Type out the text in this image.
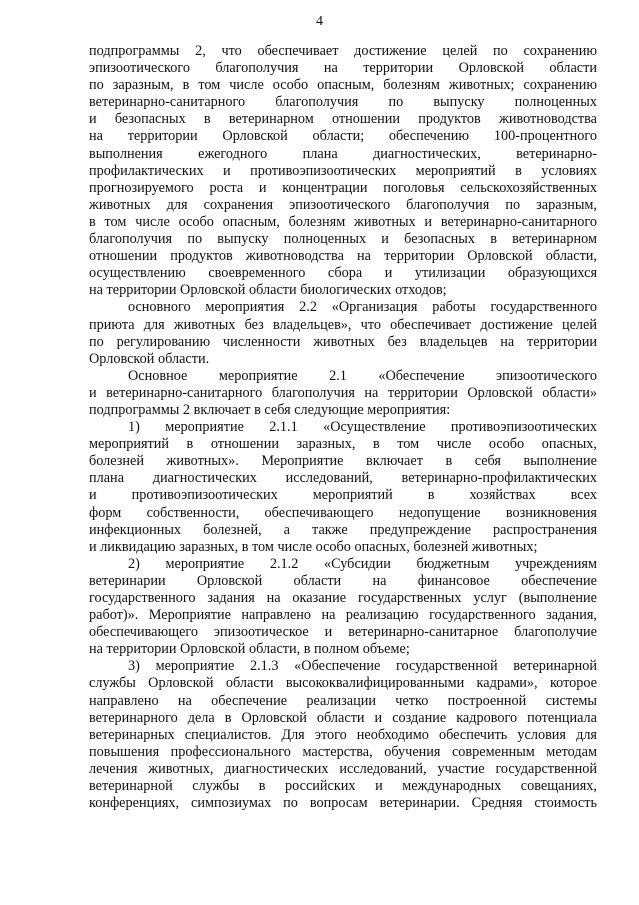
4
подпрограммы 2, что обеспечивает достижение целей по сохранению
эпизоотического благополучия на территории Орловской области
по заразным, в том числе особо опасным, болезням животных; сохранению
ветеринарно-санитарного благополучия по выпуску полноценных
и безопасных в ветеринарном отношении продуктов животноводства
на территории Орловской области; обеспечению 100-процентного
выполнения ежегодного плана диагностических, ветеринарно-
профилактических и противоэпизоотических мероприятий в условиях
прогнозируемого роста и концентрации поголовья сельскохозяйственных
животных для сохранения эпизоотического благополучия по заразным,
в том числе особо опасным, болезням животных и ветеринарно-санитарного
благополучия по выпуску полноценных и безопасных в ветеринарном
отношении продуктов животноводства на территории Орловской области,
осуществлению своевременного сбора и утилизации образующихся
на территории Орловской области биологических отходов;
основного мероприятия 2.2 «Организация работы государственного
приюта для животных без владельцев», что обеспечивает достижение целей
по регулированию численности животных без владельцев на территории
Орловской области.
Основное мероприятие 2.1 «Обеспечение эпизоотического
и ветеринарно-санитарного благополучия на территории Орловской области»
подпрограммы 2 включает в себя следующие мероприятия:
1) мероприятие 2.1.1 «Осуществление противоэпизоотических
мероприятий в отношении заразных, в том числе особо опасных,
болезней животных». Мероприятие включает в себя выполнение
плана диагностических исследований, ветеринарно-профилактических
и противоэпизоотических мероприятий в хозяйствах всех
форм собственности, обеспечивающего недопущение возникновения
инфекционных болезней, а также предупреждение распространения
и ликвидацию заразных, в том числе особо опасных, болезней животных;
2) мероприятие 2.1.2 «Субсидии бюджетным учреждениям
ветеринарии Орловской области на финансовое обеспечение
государственного задания на оказание государственных услуг (выполнение
работ)». Мероприятие направлено на реализацию государственного задания,
обеспечивающего эпизоотическое и ветеринарно-санитарное благополучие
на территории Орловской области, в полном объеме;
3) мероприятие 2.1.3 «Обеспечение государственной ветеринарной
службы Орловской области высококвалифицированными кадрами», которое
направлено на обеспечение реализации четко построенной системы
ветеринарного дела в Орловской области и создание кадрового потенциала
ветеринарных специалистов. Для этого необходимо обеспечить условия для
повышения профессионального мастерства, обучения современным методам
лечения животных, диагностических исследований, участие государственной
ветеринарной службы в российских и международных совещаниях,
конференциях, симпозиумах по вопросам ветеринарии. Средняя стоимость
